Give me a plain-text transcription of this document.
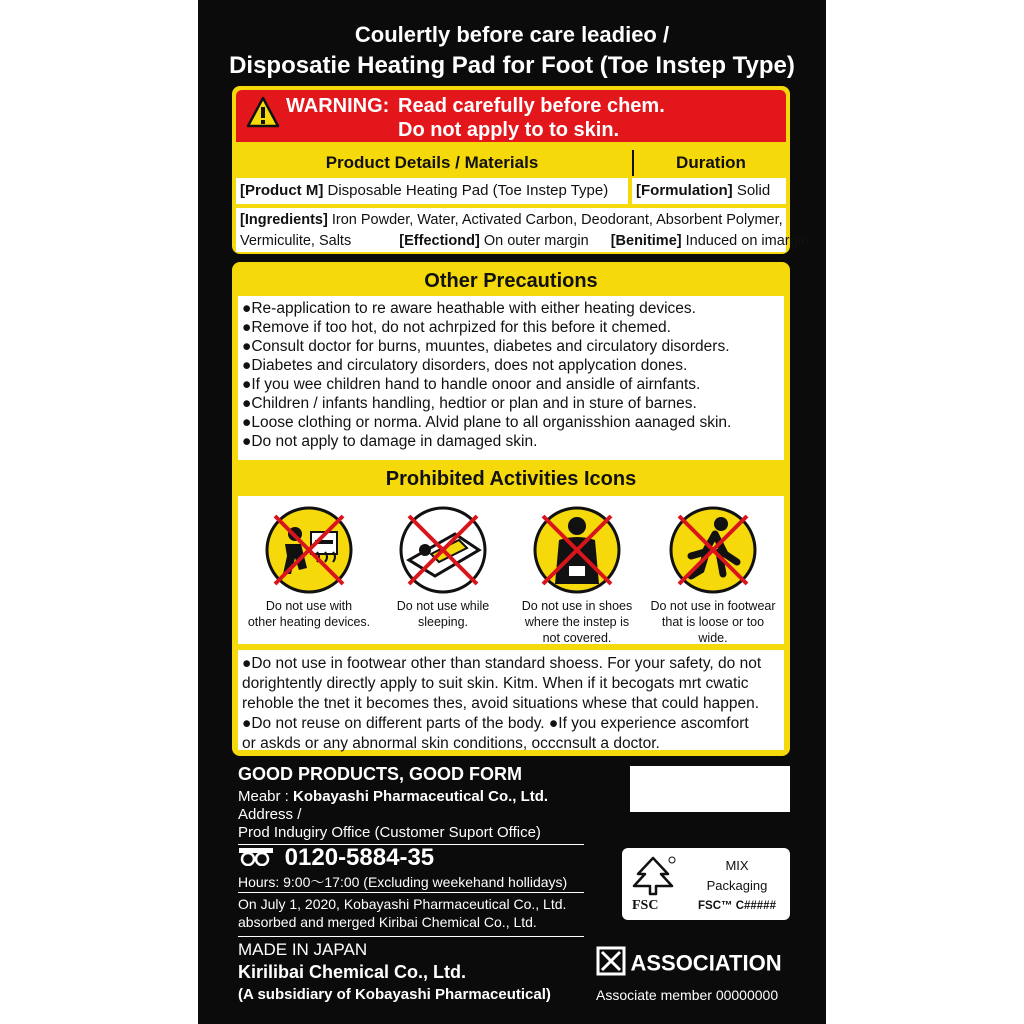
Coulertly before care leadieo /
Disposatie Heating Pad for Foot (Toe Instep Type)
WARNING: Read carefully before chem.
Do not apply to to skin.
Product Details / Materials	Duration
[Product M] Disposable Heating Pad (Toe Instep Type)	[Formulation] Solid
[Ingredients] Iron Powder, Water, Activated Carbon, Deodorant, Absorbent Polymer,
Vermiculite, Salts	[Effectiond] On outer margin [Benitime] Induced on imargin
Other Precautions
●Re-application to re aware heathable with either heating devices.
●Remove if too hot, do not achrpized for this before it chemed.
●Consult doctor for burns, muuntes, diabetes and circulatory disorders.
●Diabetes and circulatory disorders, does not applycation dones.
●If you wee children hand to handle onoor and ansidle of airnfants.
●Children / infants handling, hedtior or plan and in sture of barnes.
●Loose clothing or norma. Alvid plane to all organisshion aanaged skin.
●Do not apply to damage in damaged skin.
Prohibited Activities Icons
Do not use with
other heating devices.
Do not use while
sleeping.
Do not use in shoes
where the instep is
not covered.
Do not use in footwear
that is loose or too wide.
●Do not use in footwear other than standard shoess. For your safety, do not
dorightently directly apply to suit skin. Kitm. When if it becogats mrt cwatic
rehoble the tnet it becomes thes, avoid situations whese that could happen.
●Do not reuse on different parts of the body. ●If you experience ascomfort
or askds or any abnormal skin conditions, occcnsult a doctor.
GOOD PRODUCTS, GOOD FORM
Meabr : Kobayashi Pharmaceutical Co., Ltd.
Address /
Prod Indugiry Office (Customer Suport Office)
0120-5884-35
Hours: 9:00～17:00 (Excluding weekehand hollidays)
On July 1, 2020, Kobayashi Pharmaceutical Co., Ltd.
absorbed and merged Kiribai Chemical Co., Ltd.
MADE IN JAPAN
Kirilibai Chemical Co., Ltd.
(A subsidiary of Kobayashi Pharmaceutical)
FSC
MIX
Packaging
FSC™ C#####
ASSOCIATION
Associate member 00000000
